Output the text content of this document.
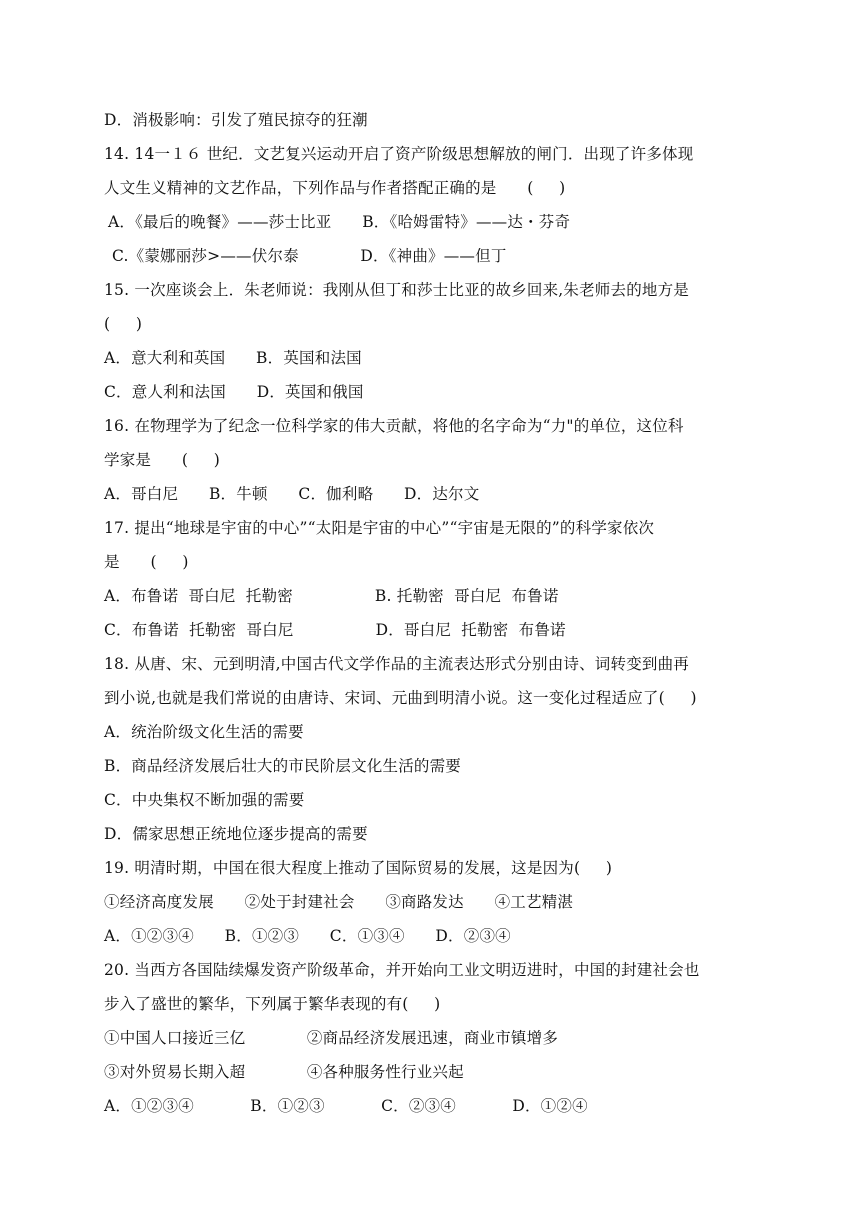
D．消极影响：引发了殖民掠夺的狂潮
14. 14一１６ 世纪．文艺复兴运动开启了资产阶级思想解放的闸门．出现了许多体现
人文生义精神的文艺作品，下列作品与作者搭配正确的是      (     )
A．《最后的晚餐》——莎士比亚      B．《哈姆雷特》——达・芬奇
C.《蒙娜丽莎>——伏尔泰            D．《神曲》——但丁
15. 一次座谈会上．朱老师说：我刚从但丁和莎士比亚的故乡回来,朱老师去的地方是
(     )
A．意大利和英国      B．英国和法国
C．意人利和法国      D．英国和俄国
16. 在物理学为了纪念一位科学家的伟大贡献，将他的名字命为“力"的单位，这位科
学家是      (     )
A．哥白尼      B．牛顿      C．伽利略      D．达尔文
17. 提出“地球是宇宙的中心”“太阳是宇宙的中心”“宇宙是无限的”的科学家依次
是      (     )
A．布鲁诺  哥白尼  托勒密                B. 托勒密  哥白尼  布鲁诺
C．布鲁诺  托勒密  哥白尼                D．哥白尼  托勒密  布鲁诺
18. 从唐、宋、元到明清,中国古代文学作品的主流表达形式分别由诗、词转变到曲再
到小说,也就是我们常说的由唐诗、宋词、元曲到明清小说。这一变化过程适应了(     )
A．统治阶级文化生活的需要
B．商品经济发展后壮大的市民阶层文化生活的需要
C．中央集权不断加强的需要
D．儒家思想正统地位逐步提高的需要
19. 明清时期，中国在很大程度上推动了国际贸易的发展，这是因为(     )
①经济高度发展      ②处于封建社会      ③商路发达      ④工艺精湛
A．①②③④      B．①②③      C．①③④      D．②③④
20. 当西方各国陆续爆发资产阶级革命，并开始向工业文明迈进时，中国的封建社会也
步入了盛世的繁华，下列属于繁华表现的有(     )
①中国人口接近三亿            ②商品经济发展迅速，商业市镇增多
③对外贸易长期入超            ④各种服务性行业兴起
A．①②③④           B．①②③           C．②③④           D．①②④
